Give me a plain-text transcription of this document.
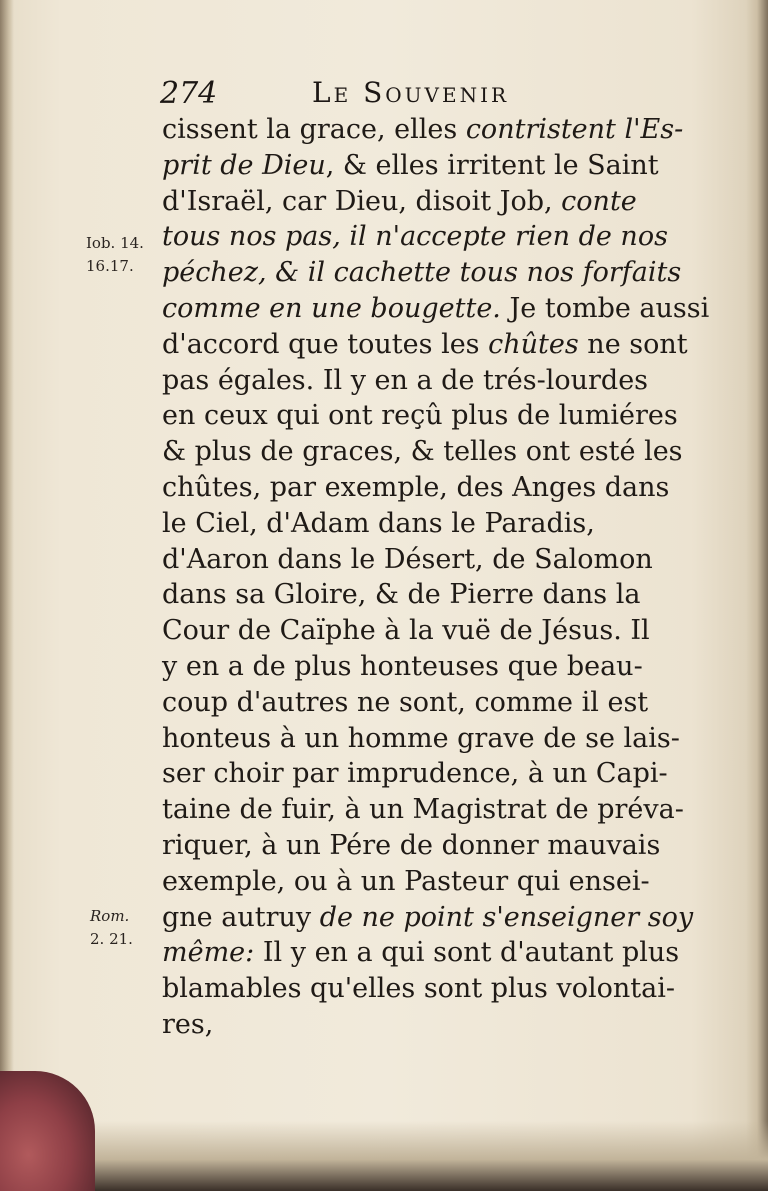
274	Le Souvenir
Iob. 14.
16.17.
Rom.
2. 21.
cissent la grace, elles contristent l'Es-
prit de Dieu, & elles irritent le Saint
d'Israël, car Dieu, disoit Job, conte
tous nos pas, il n'accepte rien de nos
péchez, & il cachette tous nos forfaits
comme en une bougette. Je tombe aussi
d'accord que toutes les chûtes ne sont
pas égales. Il y en a de trés-lourdes
en ceux qui ont reçû plus de lumiéres
& plus de graces, & telles ont esté les
chûtes, par exemple, des Anges dans
le Ciel, d'Adam dans le Paradis,
d'Aaron dans le Désert, de Salomon
dans sa Gloire, & de Pierre dans la
Cour de Caïphe à la vuë de Jésus. Il
y en a de plus honteuses que beau-
coup d'autres ne sont, comme il est
honteus à un homme grave de se lais-
ser choir par imprudence, à un Capi-
taine de fuir, à un Magistrat de préva-
riquer, à un Pére de donner mauvais
exemple, ou à un Pasteur qui ensei-
gne autruy de ne point s'enseigner soy
même: Il y en a qui sont d'autant plus
blamables qu'elles sont plus volontai-
res,
